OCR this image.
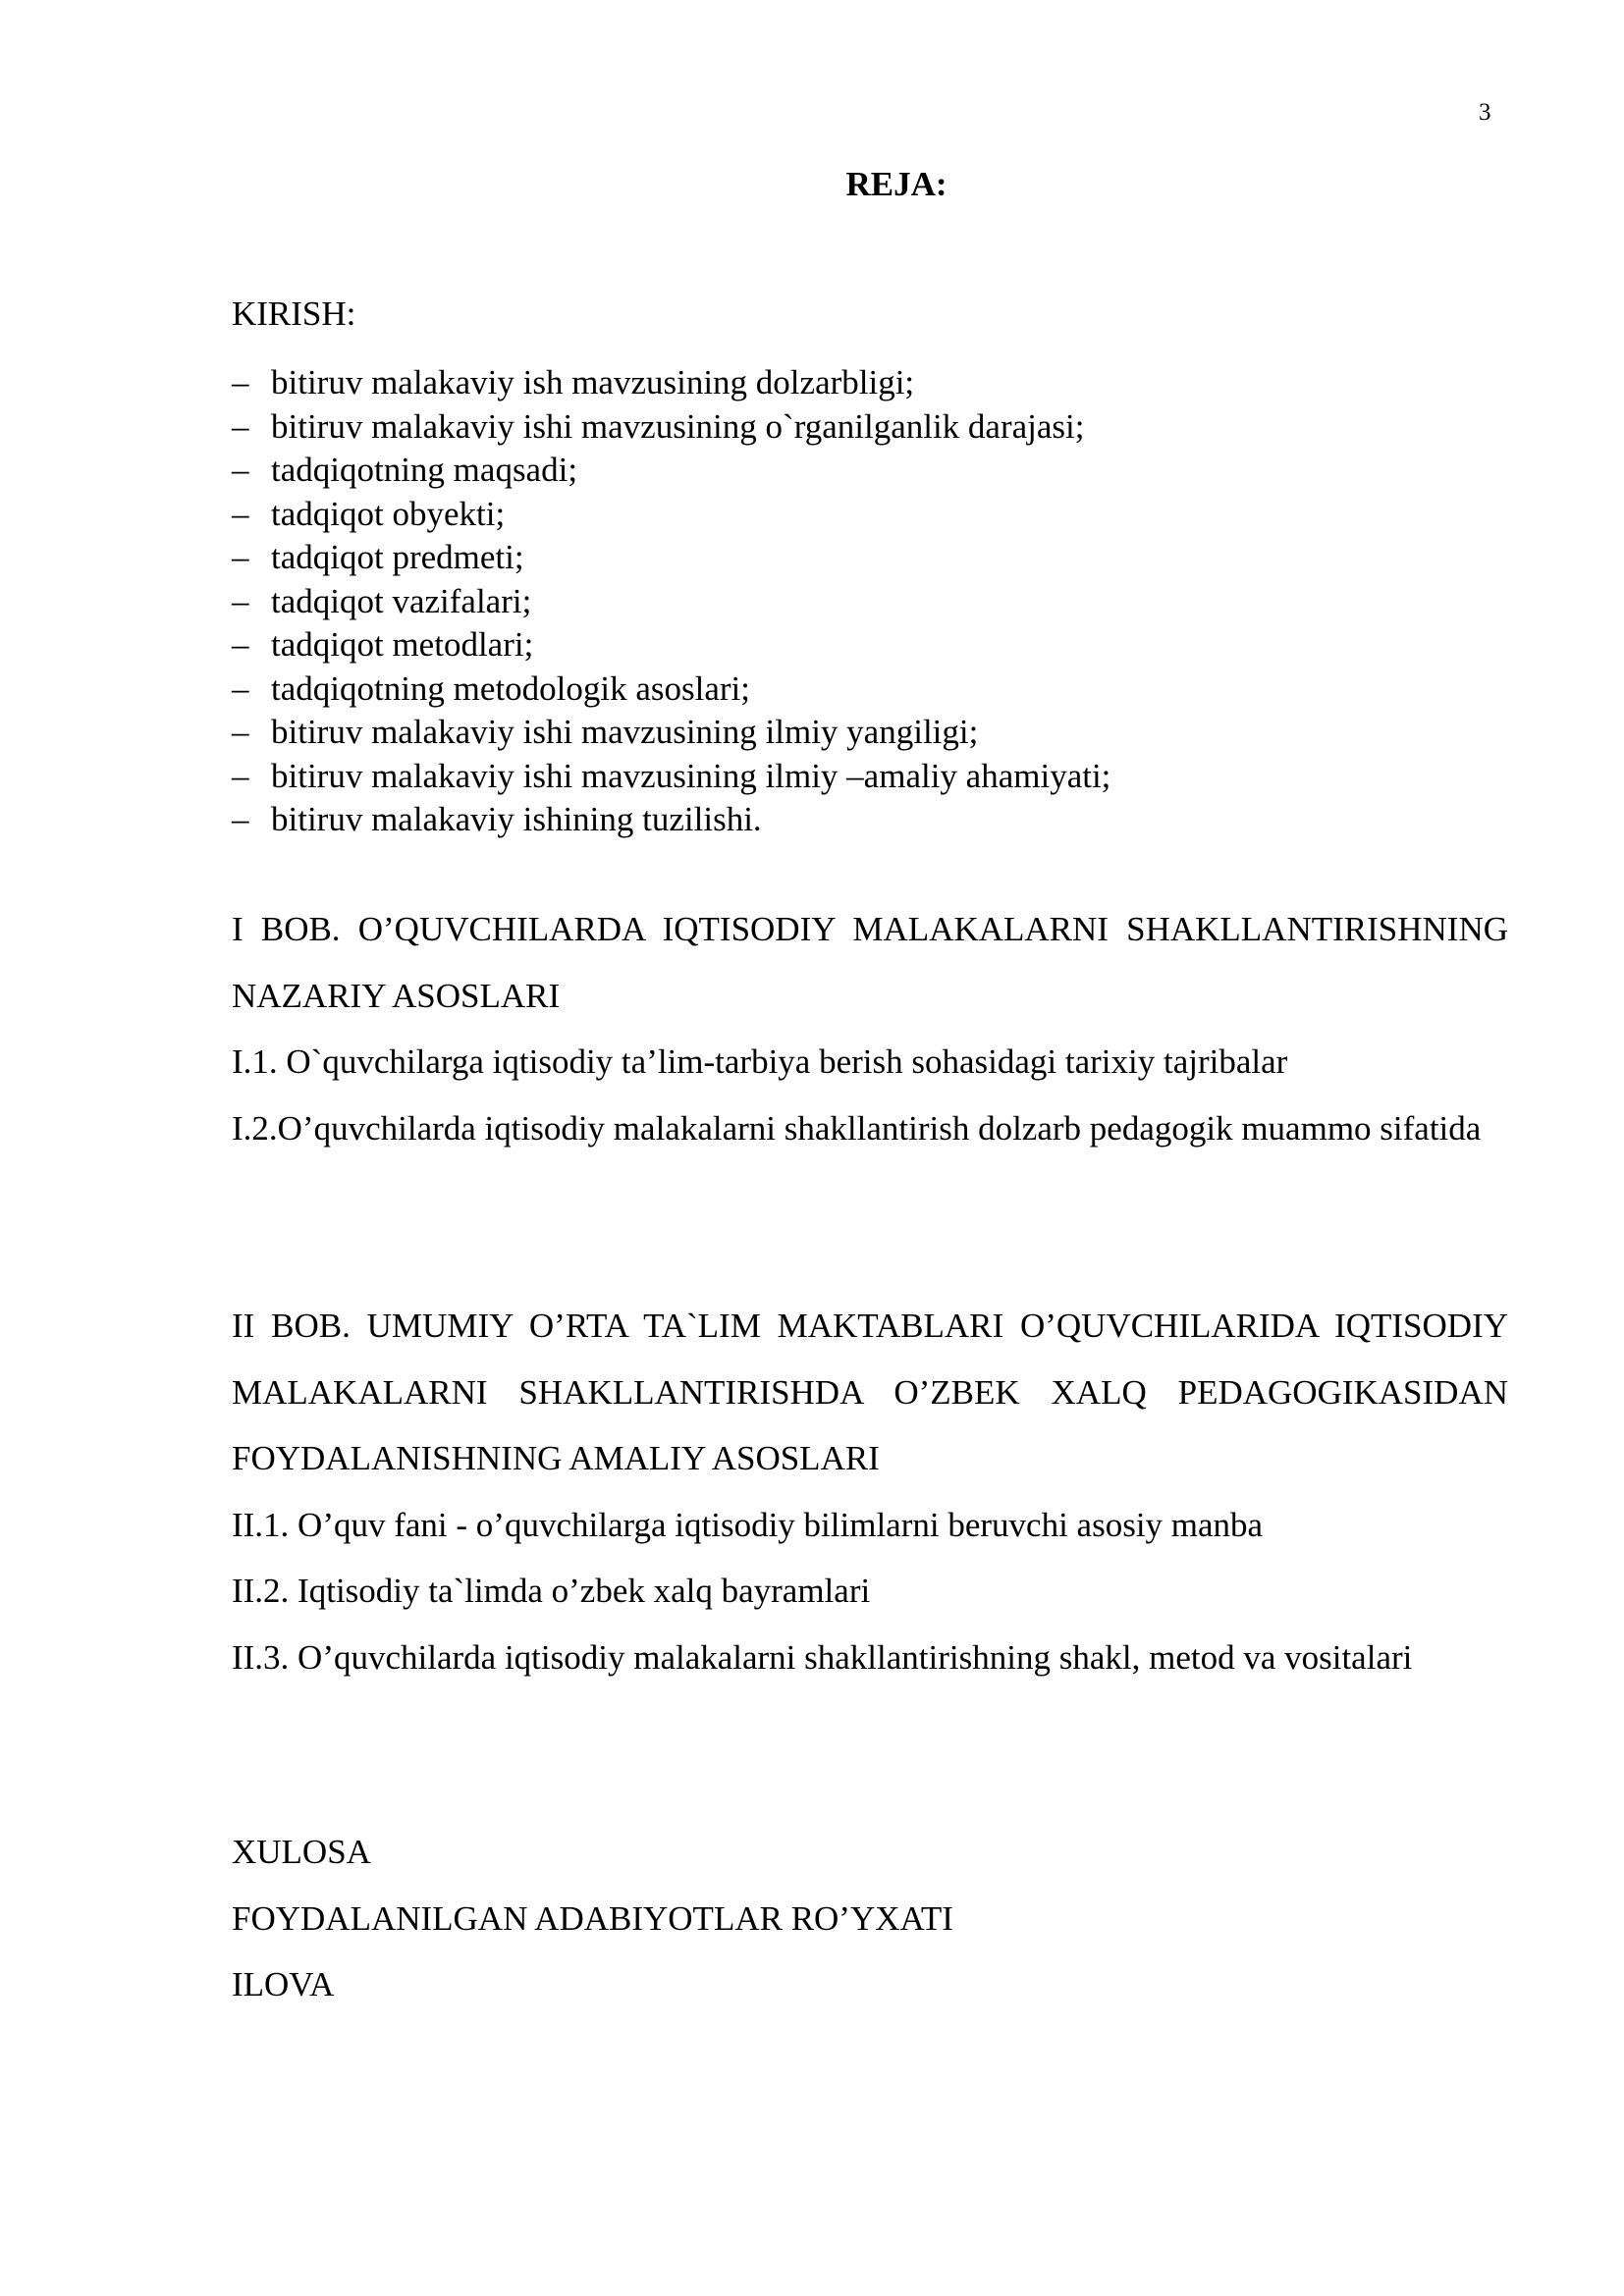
3
REJA:
KIRISH:
– bitiruv malakaviy ish mavzusining dolzarbligi;
– bitiruv malakaviy ishi mavzusining o`rganilganlik darajasi;
– tadqiqotning maqsadi;
– tadqiqot obyekti;
– tadqiqot predmeti;
– tadqiqot vazifalari;
– tadqiqot metodlari;
– tadqiqotning metodologik asoslari;
– bitiruv malakaviy ishi mavzusining ilmiy yangiligi;
– bitiruv malakaviy ishi mavzusining ilmiy –amaliy ahamiyati;
– bitiruv malakaviy ishining tuzilishi.
I BOB. O’QUVCHILARDA IQTISODIY MALAKALARNI SHAKLLANTIRISHNING NAZARIY ASOSLARI
I.1. O`quvchilarga iqtisodiy ta’lim-tarbiya berish sohasidagi tarixiy tajribalar
I.2.O’quvchilarda iqtisodiy malakalarni shakllantirish dolzarb pedagogik muammo sifatida
II BOB. UMUMIY O’RTA TA`LIM MAKTABLARI O’QUVCHILARIDA IQTISODIY MALAKALARNI SHAKLLANTIRISHDA O’ZBEK XALQ PEDAGOGIKASIDAN FOYDALANISHNING AMALIY ASOSLARI
II.1. O’quv fani - o’quvchilarga iqtisodiy bilimlarni beruvchi asosiy manba
II.2. Iqtisodiy ta`limda o’zbek xalq bayramlari
II.3. O’quvchilarda iqtisodiy malakalarni shakllantirishning shakl, metod va vositalari
XULOSA
FOYDALANILGAN ADABIYOTLAR RO’YXATI
ILOVA
